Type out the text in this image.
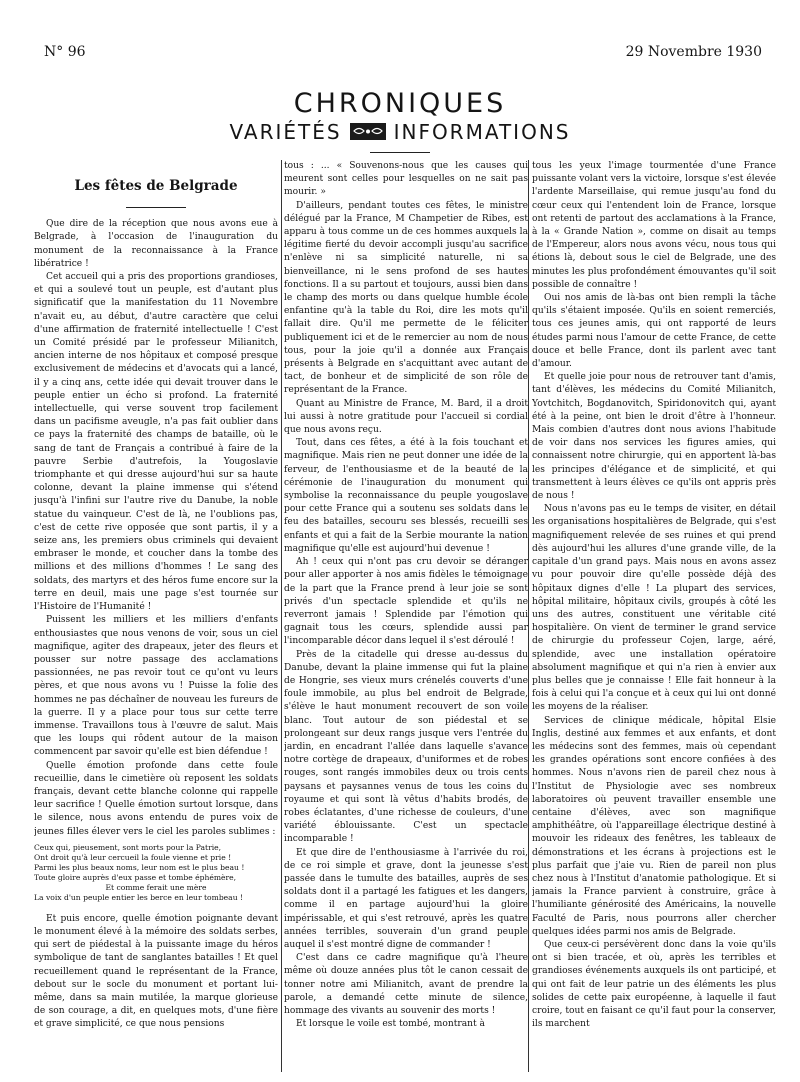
N° 96	29 Novembre 1930
CHRONIQUES
VARIÉTÉS	INFORMATIONS
Les fêtes de Belgrade

Que dire de la réception que nous avons eue à Belgrade, à l'occasion de l'inauguration du monument de la reconnaissance à la France libératrice !

Cet accueil qui a pris des proportions grandioses, et qui a soulevé tout un peuple, est d'autant plus significatif que la manifestation du 11 Novembre n'avait eu, au début, d'autre caractère que celui d'une affirmation de fraternité intellectuelle ! C'est un Comité présidé par le professeur Milianitch, ancien interne de nos hôpitaux et composé presque exclusivement de médecins et d'avocats qui a lancé, il y a cinq ans, cette idée qui devait trouver dans le peuple entier un écho si profond. La fraternité intellectuelle, qui verse souvent trop facilement dans un pacifisme aveugle, n'a pas fait oublier dans ce pays la fraternité des champs de bataille, où le sang de tant de Français a contribué à faire de la pauvre Serbie d'autrefois, la Yougoslavie triomphante et qui dresse aujourd'hui sur sa haute colonne, devant la plaine immense qui s'étend jusqu'à l'infini sur l'autre rive du Danube, la noble statue du vainqueur. C'est de là, ne l'oublions pas, c'est de cette rive opposée que sont partis, il y a seize ans, les premiers obus criminels qui devaient embraser le monde, et coucher dans la tombe des millions et des millions d'hommes ! Le sang des soldats, des martyrs et des héros fume encore sur la terre en deuil, mais une page s'est tournée sur l'Histoire de l'Humanité !

Puissent les milliers et les milliers d'enfants enthousiastes que nous venons de voir, sous un ciel magnifique, agiter des drapeaux, jeter des fleurs et pousser sur notre passage des acclamations passionnées, ne pas revoir tout ce qu'ont vu leurs pères, et que nous avons vu ! Puisse la folie des hommes ne pas déchaîner de nouveau les fureurs de la guerre. Il y a place pour tous sur cette terre immense. Travaillons tous à l'œuvre de salut. Mais que les loups qui rôdent autour de la maison commencent par savoir qu'elle est bien défendue !

Quelle émotion profonde dans cette foule recueillie, dans le cimetière où reposent les soldats français, devant cette blanche colonne qui rappelle leur sacrifice ! Quelle émotion surtout lorsque, dans le silence, nous avons entendu de pures voix de jeunes filles élever vers le ciel les paroles sublimes :

Ceux qui, pieusement, sont morts pour la Patrie,
Ont droit qu'à leur cercueil la foule vienne et prie !
Parmi les plus beaux noms, leur nom est le plus beau !
Toute gloire auprès d'eux passe et tombe éphémère,
Et comme ferait une mère
La voix d'un peuple entier les berce en leur tombeau !

Et puis encore, quelle émotion poignante devant le monument élevé à la mémoire des soldats serbes, qui sert de piédestal à la puissante image du héros symbolique de tant de sanglantes batailles ! Et quel recueillement quand le représentant de la France, debout sur le socle du monument et portant lui-même, dans sa main mutilée, la marque glorieuse de son courage, a dit, en quelques mots, d'une fière et grave simplicité, ce que nous pensions

tous : ... « Souvenons-nous que les causes qui meurent sont celles pour lesquelles on ne sait pas mourir. »

D'ailleurs, pendant toutes ces fêtes, le ministre délégué par la France, M Champetier de Ribes, est apparu à tous comme un de ces hommes auxquels la légitime fierté du devoir accompli jusqu'au sacrifice n'enlève ni sa simplicité naturelle, ni sa bienveillance, ni le sens profond de ses hautes fonctions. Il a su partout et toujours, aussi bien dans le champ des morts ou dans quelque humble école enfantine qu'à la table du Roi, dire les mots qu'il fallait dire. Qu'il me permette de le féliciter publiquement ici et de le remercier au nom de nous tous, pour la joie qu'il a donnée aux Français présents à Belgrade en s'acquittant avec autant de tact, de bonheur et de simplicité de son rôle de représentant de la France.

Quant au Ministre de France, M. Bard, il a droit lui aussi à notre gratitude pour l'accueil si cordial que nous avons reçu.

Tout, dans ces fêtes, a été à la fois touchant et magnifique. Mais rien ne peut donner une idée de la ferveur, de l'enthousiasme et de la beauté de la cérémonie de l'inauguration du monument qui symbolise la reconnaissance du peuple yougoslave pour cette France qui a soutenu ses soldats dans le feu des batailles, secouru ses blessés, recueilli ses enfants et qui a fait de la Serbie mourante la nation magnifique qu'elle est aujourd'hui devenue !

Ah ! ceux qui n'ont pas cru devoir se déranger pour aller apporter à nos amis fidèles le témoignage de la part que la France prend à leur joie se sont privés d'un spectacle splendide et qu'ils ne reverront jamais ! Splendide par l'émotion qui gagnait tous les cœurs, splendide aussi par l'incomparable décor dans lequel il s'est déroulé !

Près de la citadelle qui dresse au-dessus du Danube, devant la plaine immense qui fut la plaine de Hongrie, ses vieux murs crénelés couverts d'une foule immobile, au plus bel endroit de Belgrade, s'élève le haut monument recouvert de son voile blanc. Tout autour de son piédestal et se prolongeant sur deux rangs jusque vers l'entrée du jardin, en encadrant l'allée dans laquelle s'avance notre cortège de drapeaux, d'uniformes et de robes rouges, sont rangés immobiles deux ou trois cents paysans et paysannes venus de tous les coins du royaume et qui sont là vêtus d'habits brodés, de robes éclatantes, d'une richesse de couleurs, d'une variété éblouissante. C'est un spectacle incomparable !

Et que dire de l'enthousiasme à l'arrivée du roi, de ce roi simple et grave, dont la jeunesse s'est passée dans le tumulte des batailles, auprès de ses soldats dont il a partagé les fatigues et les dangers, comme il en partage aujourd'hui la gloire impérissable, et qui s'est retrouvé, après les quatre années terribles, souverain d'un grand peuple auquel il s'est montré digne de commander !

C'est dans ce cadre magnifique qu'à l'heure même où douze années plus tôt le canon cessait de tonner notre ami Milianitch, avant de prendre la parole, a demandé cette minute de silence, hommage des vivants au souvenir des morts !

Et lorsque le voile est tombé, montrant à

tous les yeux l'image tourmentée d'une France puissante volant vers la victoire, lorsque s'est élevée l'ardente Marseillaise, qui remue jusqu'au fond du cœur ceux qui l'entendent loin de France, lorsque ont retenti de partout des acclamations à la France, à la « Grande Nation », comme on disait au temps de l'Empereur, alors nous avons vécu, nous tous qui étions là, debout sous le ciel de Belgrade, une des minutes les plus profondément émouvantes qu'il soit possible de connaître !

Oui nos amis de là-bas ont bien rempli la tâche qu'ils s'étaient imposée. Qu'ils en soient remerciés, tous ces jeunes amis, qui ont rapporté de leurs études parmi nous l'amour de cette France, de cette douce et belle France, dont ils parlent avec tant d'amour.

Et quelle joie pour nous de retrouver tant d'amis, tant d'élèves, les médecins du Comité Milianitch, Yovtchitch, Bogdanovitch, Spiridonovitch qui, ayant été à la peine, ont bien le droit d'être à l'honneur. Mais combien d'autres dont nous avions l'habitude de voir dans nos services les figures amies, qui connaissent notre chirurgie, qui en apportent là-bas les principes d'élégance et de simplicité, et qui transmettent à leurs élèves ce qu'ils ont appris près de nous !

Nous n'avons pas eu le temps de visiter, en détail les organisations hospitalières de Belgrade, qui s'est magnifiquement relevée de ses ruines et qui prend dès aujourd'hui les allures d'une grande ville, de la capitale d'un grand pays. Mais nous en avons assez vu pour pouvoir dire qu'elle possède déjà des hôpitaux dignes d'elle ! La plupart des services, hôpital militaire, hôpitaux civils, groupés à côté les uns des autres, constituent une véritable cité hospitalière. On vient de terminer le grand service de chirurgie du professeur Cojen, large, aéré, splendide, avec une installation opératoire absolument magnifique et qui n'a rien à envier aux plus belles que je connaisse ! Elle fait honneur à la fois à celui qui l'a conçue et à ceux qui lui ont donné les moyens de la réaliser.

Services de clinique médicale, hôpital Elsie Inglis, destiné aux femmes et aux enfants, et dont les médecins sont des femmes, mais où cependant les grandes opérations sont encore confiées à des hommes. Nous n'avons rien de pareil chez nous à l'Institut de Physiologie avec ses nombreux laboratoires où peuvent travailler ensemble une centaine d'élèves, avec son magnifique amphithéâtre, où l'appareillage électrique destiné à mouvoir les rideaux des fenêtres, les tableaux de démonstrations et les écrans à projections est le plus parfait que j'aie vu. Rien de pareil non plus chez nous à l'Institut d'anatomie pathologique. Et si jamais la France parvient à construire, grâce à l'humiliante générosité des Américains, la nouvelle Faculté de Paris, nous pourrons aller chercher quelques idées parmi nos amis de Belgrade.

Que ceux-ci persévèrent donc dans la voie qu'ils ont si bien tracée, et où, après les terribles et grandioses événements auxquels ils ont participé, et qui ont fait de leur patrie un des éléments les plus solides de cette paix européenne, à laquelle il faut croire, tout en faisant ce qu'il faut pour la conserver, ils marchent
